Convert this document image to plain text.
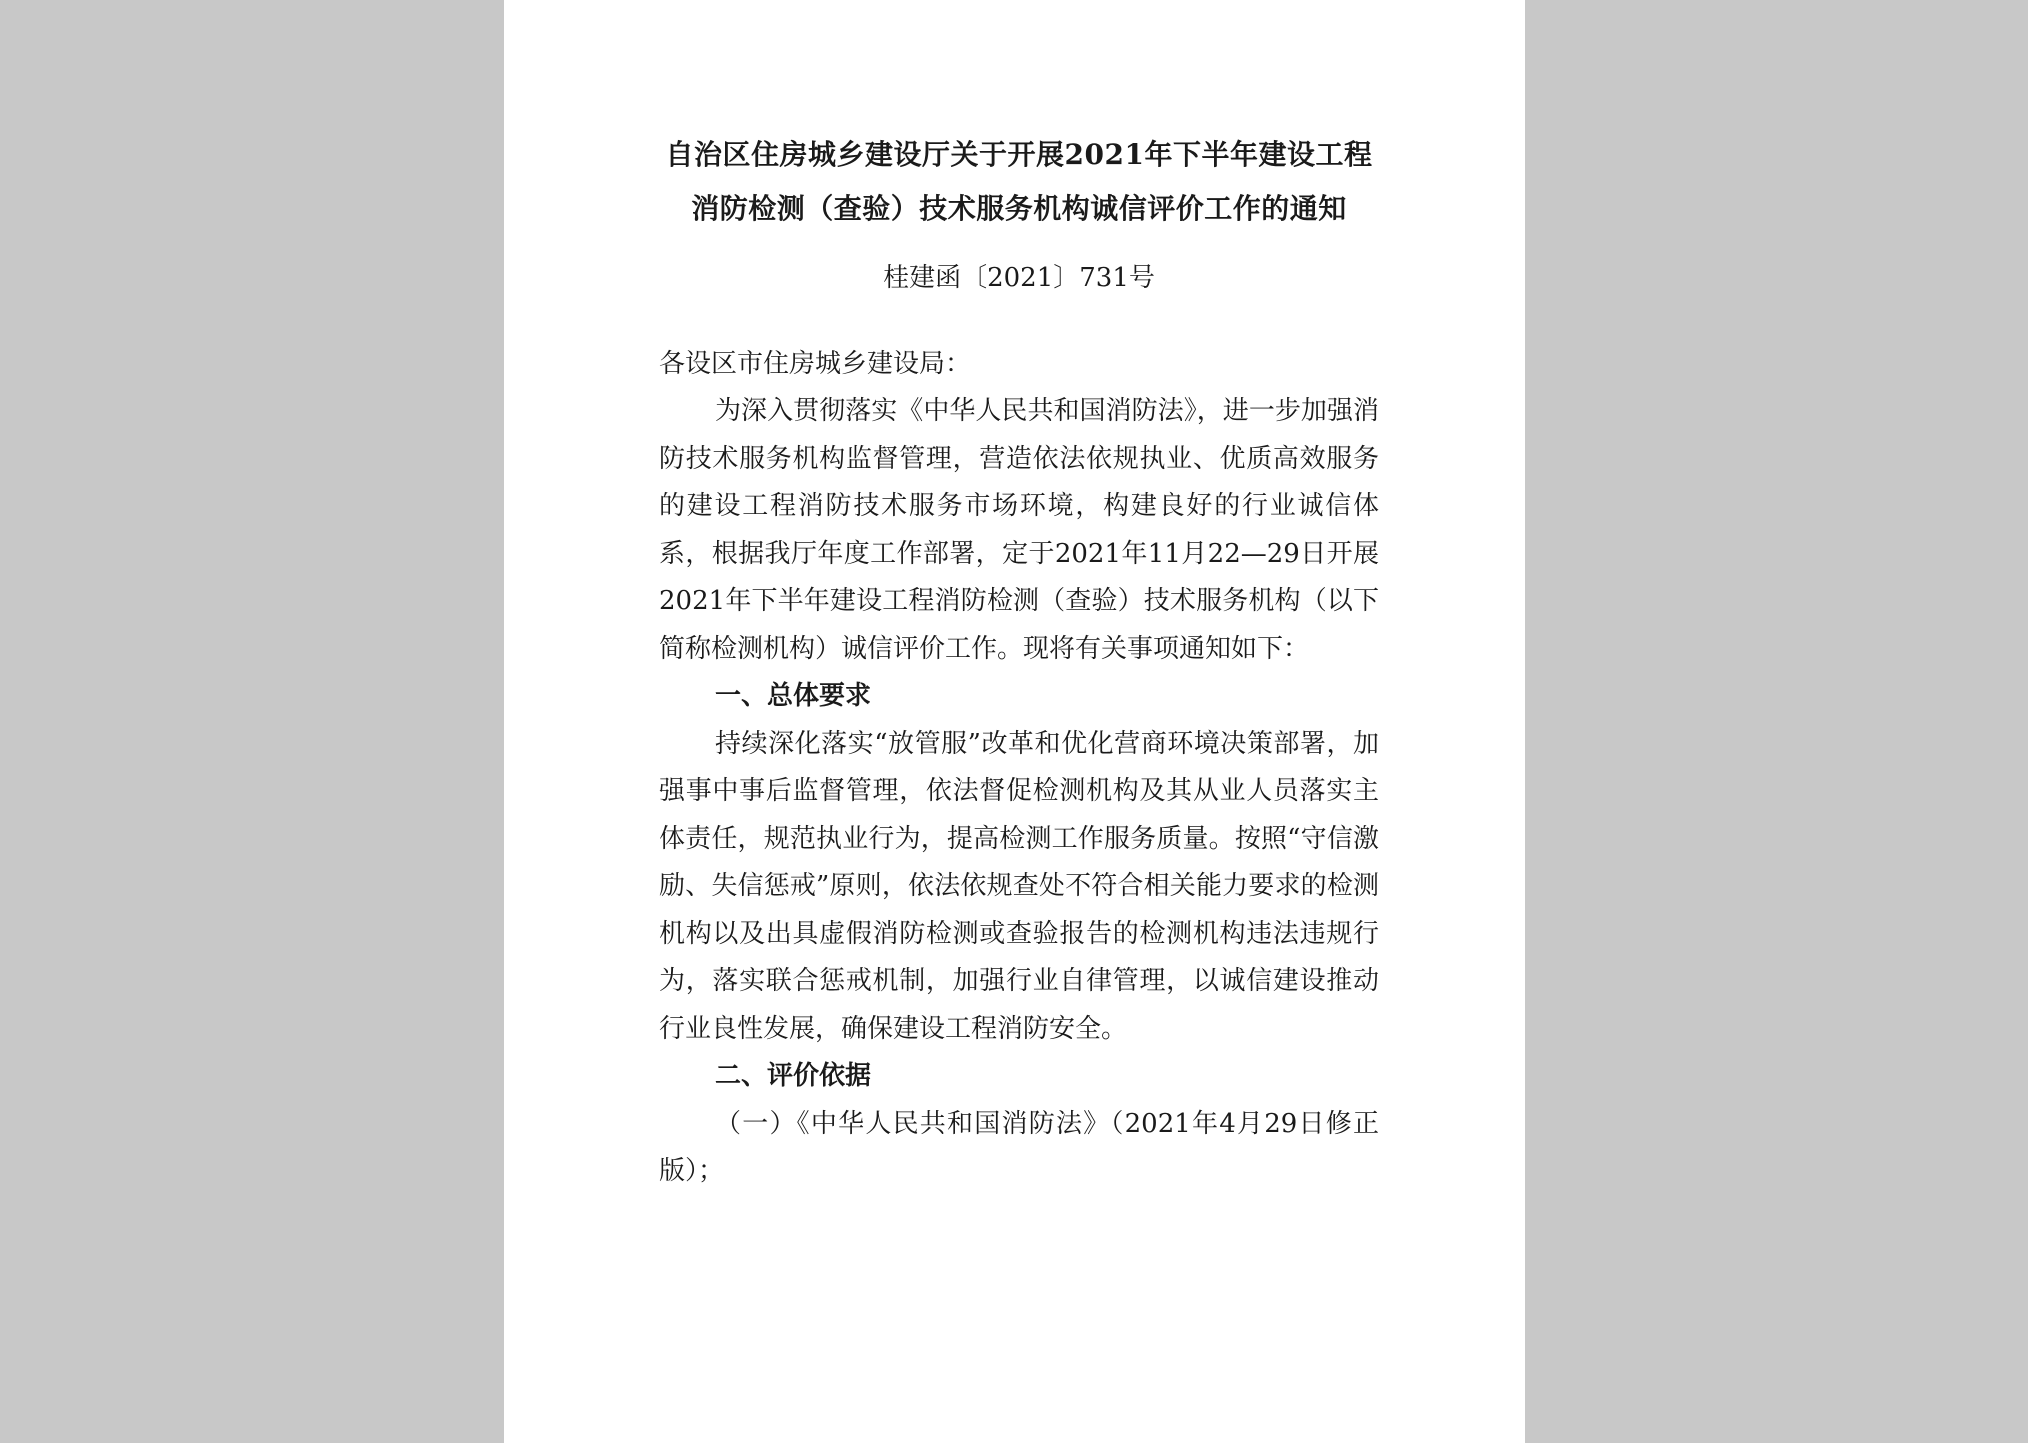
自治区住房城乡建设厅关于开展2021年下半年建设工程消防检测（查验）技术服务机构诚信评价工作的通知

桂建函〔2021〕731号

各设区市住房城乡建设局：

为深入贯彻落实《中华人民共和国消防法》，进一步加强消防技术服务机构监督管理，营造依法依规执业、优质高效服务的建设工程消防技术服务市场环境，构建良好的行业诚信体系，根据我厅年度工作部署，定于2021年11月22—29日开展2021年下半年建设工程消防检测（查验）技术服务机构（以下简称检测机构）诚信评价工作。现将有关事项通知如下：

一、总体要求

持续深化落实“放管服”改革和优化营商环境决策部署，加强事中事后监督管理，依法督促检测机构及其从业人员落实主体责任，规范执业行为，提高检测工作服务质量。按照“守信激励、失信惩戒”原则，依法依规查处不符合相关能力要求的检测机构以及出具虚假消防检测或查验报告的检测机构违法违规行为，落实联合惩戒机制，加强行业自律管理，以诚信建设推动行业良性发展，确保建设工程消防安全。

二、评价依据

（一）《中华人民共和国消防法》（2021年4月29日修正版）；
